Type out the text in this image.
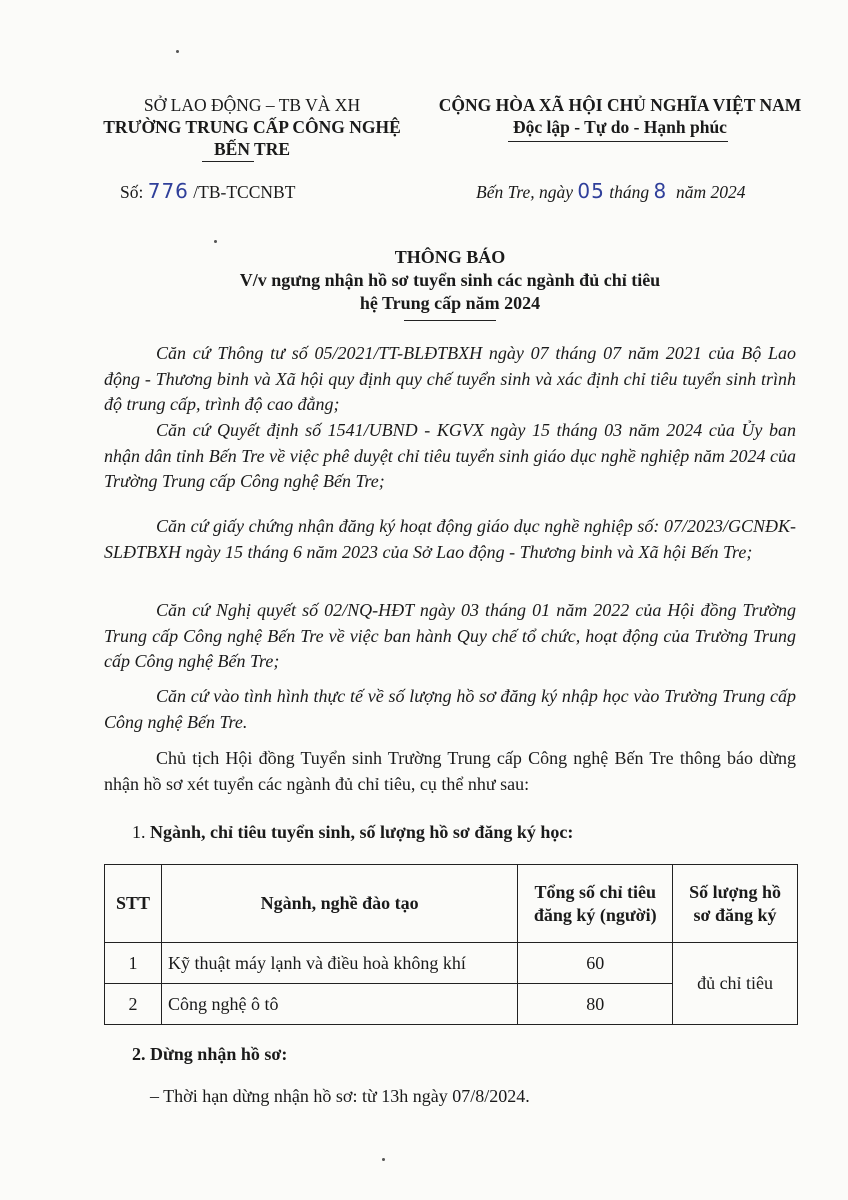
SỞ LAO ĐỘNG – TB VÀ XH
TRƯỜNG TRUNG CẤP CÔNG NGHỆ
BẾN TRE
CỘNG HÒA XÃ HỘI CHỦ NGHĨA VIỆT NAM
Độc lập - Tự do - Hạnh phúc
Số: 776 /TB-TCCNBT	Bến Tre, ngày 05 tháng 8 năm 2024
THÔNG BÁO
V/v ngưng nhận hồ sơ tuyển sinh các ngành đủ chỉ tiêu
hệ Trung cấp năm 2024
Căn cứ Thông tư số 05/2021/TT-BLĐTBXH ngày 07 tháng 07 năm 2021 của Bộ Lao động - Thương binh và Xã hội quy định quy chế tuyển sinh và xác định chỉ tiêu tuyển sinh trình độ trung cấp, trình độ cao đẳng;
Căn cứ Quyết định số 1541/UBND - KGVX ngày 15 tháng 03 năm 2024 của Ủy ban nhận dân tỉnh Bến Tre về việc phê duyệt chỉ tiêu tuyển sinh giáo dục nghề nghiệp năm 2024 của Trường Trung cấp Công nghệ Bến Tre;
Căn cứ giấy chứng nhận đăng ký hoạt động giáo dục nghề nghiệp số: 07/2023/GCNĐK-SLĐTBXH ngày 15 tháng 6 năm 2023 của Sở Lao động - Thương binh và Xã hội Bến Tre;
Căn cứ Nghị quyết số 02/NQ-HĐT ngày 03 tháng 01 năm 2022 của Hội đồng Trường Trung cấp Công nghệ Bến Tre về việc ban hành Quy chế tổ chức, hoạt động của Trường Trung cấp Công nghệ Bến Tre;
Căn cứ vào tình hình thực tế về số lượng hồ sơ đăng ký nhập học vào Trường Trung cấp Công nghệ Bến Tre.
Chủ tịch Hội đồng Tuyển sinh Trường Trung cấp Công nghệ Bến Tre thông báo dừng nhận hồ sơ xét tuyển các ngành đủ chỉ tiêu, cụ thể như sau:
1. Ngành, chỉ tiêu tuyển sinh, số lượng hồ sơ đăng ký học:
STT	Ngành, nghề đào tạo	Tổng số chỉ tiêu đăng ký (người)	Số lượng hồ sơ đăng ký
1	Kỹ thuật máy lạnh và điều hoà không khí	60	đủ chỉ tiêu
2	Công nghệ ô tô	80	
2. Dừng nhận hồ sơ:
– Thời hạn dừng nhận hồ sơ: từ 13h ngày 07/8/2024.
